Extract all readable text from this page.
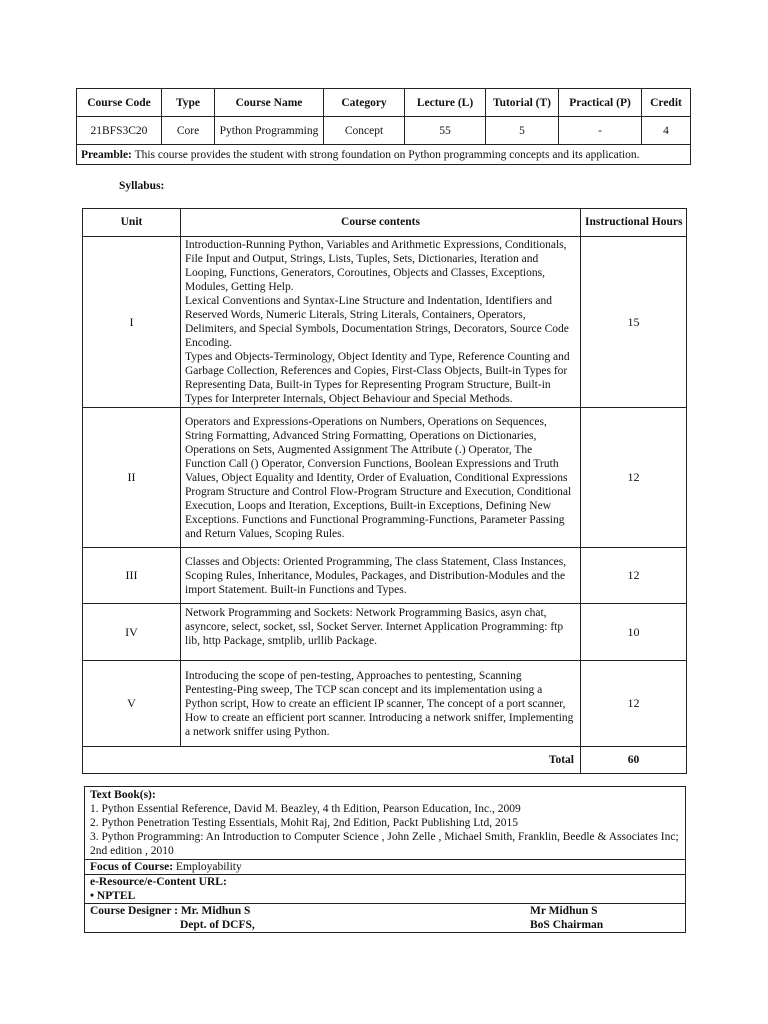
Course Code	Type	Course Name	Category	Lecture (L)	Tutorial (T)	Practical (P)	Credit
21BFS3C20	Core	Python Programming	Concept	55	5	-	4
Preamble: This course provides the student with strong foundation on Python programming concepts and its application.							
Syllabus:
Unit	Course contents	Instructional Hours
I	Introduction-Running Python, Variables and Arithmetic Expressions, Conditionals, File Input and Output, Strings, Lists, Tuples, Sets, Dictionaries, Iteration and Looping, Functions, Generators, Coroutines, Objects and Classes, Exceptions, Modules, Getting Help.

Lexical Conventions and Syntax-Line Structure and Indentation, Identifiers and Reserved Words, Numeric Literals, String Literals, Containers, Operators, Delimiters, and Special Symbols, Documentation Strings, Decorators, Source Code Encoding.

Types and Objects-Terminology, Object Identity and Type, Reference Counting and Garbage Collection, References and Copies, First-Class Objects, Built-in Types for Representing Data, Built-in Types for Representing Program Structure, Built-in Types for Interpreter Internals, Object Behaviour and Special Methods.	15
II	Operators and Expressions-Operations on Numbers, Operations on Sequences, String Formatting, Advanced String Formatting, Operations on Dictionaries, Operations on Sets, Augmented Assignment The Attribute (.) Operator, The Function Call () Operator, Conversion Functions, Boolean Expressions and Truth Values, Object Equality and Identity, Order of Evaluation, Conditional Expressions

Program Structure and Control Flow-Program Structure and Execution, Conditional Execution, Loops and Iteration, Exceptions, Built-in Exceptions, Defining New Exceptions. Functions and Functional Programming-Functions, Parameter Passing and Return Values, Scoping Rules.	12
III	Classes and Objects: Oriented Programming, The class Statement, Class Instances, Scoping Rules, Inheritance, Modules, Packages, and Distribution-Modules and the import Statement. Built-in Functions and Types.	12
IV	Network Programming and Sockets: Network Programming Basics, asyn chat, asyncore, select, socket, ssl, Socket Server. Internet Application Programming: ftp lib, http Package, smtplib, urllib Package.	10
V	Introducing the scope of pen-testing, Approaches to pentesting, Scanning Pentesting-Ping sweep, The TCP scan concept and its implementation using a Python script, How to create an efficient IP scanner, The concept of a port scanner, How to create an efficient port scanner. Introducing a network sniffer, Implementing a network sniffer using Python.	12
Total		60
Text Book(s):
1. Python Essential Reference, David M. Beazley, 4 th Edition, Pearson Education, Inc., 2009
2. Python Penetration Testing Essentials, Mohit Raj, 2nd Edition, Packt Publishing Ltd, 2015
3. Python Programming: An Introduction to Computer Science , John Zelle , Michael Smith, Franklin, Beedle & Associates Inc; 2nd edition , 2010

Focus of Course: Employability

e-Resource/e-Content URL:
• NPTEL

Course Designer : Mr. Midhun S	Mr Midhun S
Dept. of DCFS,	BoS Chairman
